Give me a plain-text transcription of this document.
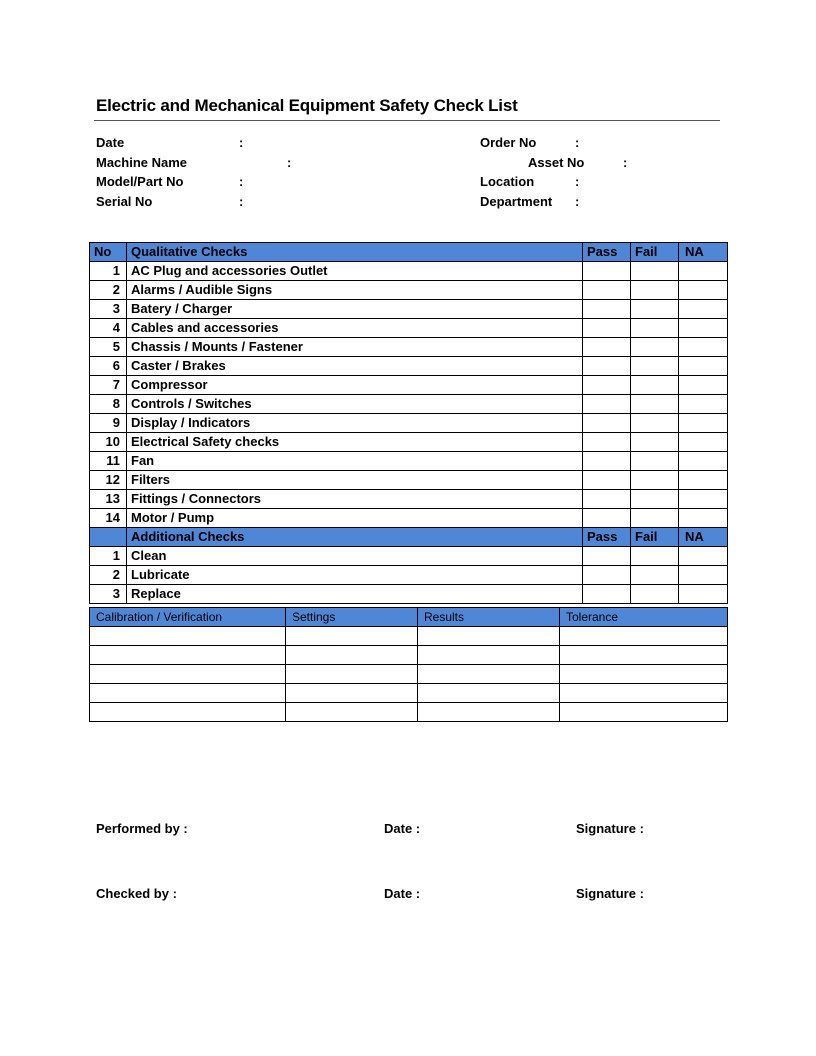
Electric and Mechanical Equipment Safety Check List
Date	:
Machine Name	:
Model/Part No	:
Serial No	:
Order No	:
Asset No	:
Location	:
Department :
No	Qualitative Checks	Pass	Fail	NA
1	AC Plug and accessories Outlet			
2	Alarms / Audible Signs			
3	Batery / Charger			
4	Cables and accessories			
5	Chassis / Mounts / Fastener			
6	Caster / Brakes			
7	Compressor			
8	Controls / Switches			
9	Display / Indicators			
10	Electrical Safety checks			
11	Fan			
12	Filters			
13	Fittings / Connectors			
14	Motor / Pump			
	Additional Checks	Pass	Fail	NA
1	Clean			
2	Lubricate			
3	Replace			
Calibration / Verification	Settings	Results	Tolerance

Performed by :	Date :	Signature :
Checked by :	Date :	Signature :
